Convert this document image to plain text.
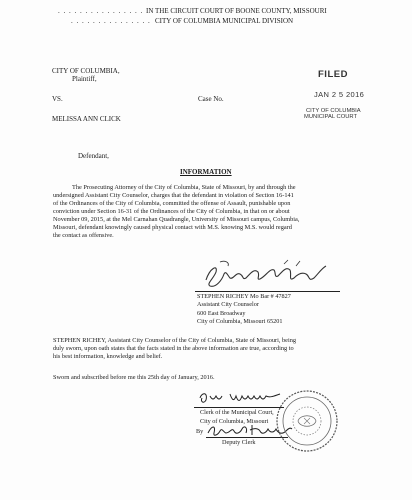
. . . . . . . . . . . . . . . . IN THE CIRCUIT COURT OF BOONE COUNTY, MISSOURI
. . . . . . . . . . . . . . . CITY OF COLUMBIA MUNICIPAL DIVISION
CITY OF COLUMBIA,
Plaintiff,
VS.	Case No.
MELISSA ANN CLICK
Defendant,
FILED
JAN 2 5 2016
CITY OF COLUMBIA
MUNICIPAL COURT
INFORMATION
The Prosecuting Attorney of the City of Columbia, State of Missouri, by and through the
undersigned Assistant City Counselor, charges that the defendant in violation of Section 16-141
of the Ordinances of the City of Columbia, committed the offense of Assault, punishable upon
conviction under Section 16-31 of the Ordinances of the City of Columbia, in that on or about
November 09, 2015, at the Mel Carnahan Quadrangle, University of Missouri campus, Columbia,
Missouri, defendant knowingly caused physical contact with M.S. knowing M.S. would regard
the contact as offensive.
STEPHEN RICHEY Mo Bar # 47827
Assistant City Counselor
600 East Broadway
City of Columbia, Missouri 65201
STEPHEN RICHEY, Assistant City Counselor of the City of Columbia, State of Missouri, being
duly sworn, upon oath states that the facts stated in the above information are true, according to
his best information, knowledge and belief.
Sworn and subscribed before me this 25th day of January, 2016.
Clerk of the Municipal Court,
City of Columbia, Missouri
By
Deputy Clerk
